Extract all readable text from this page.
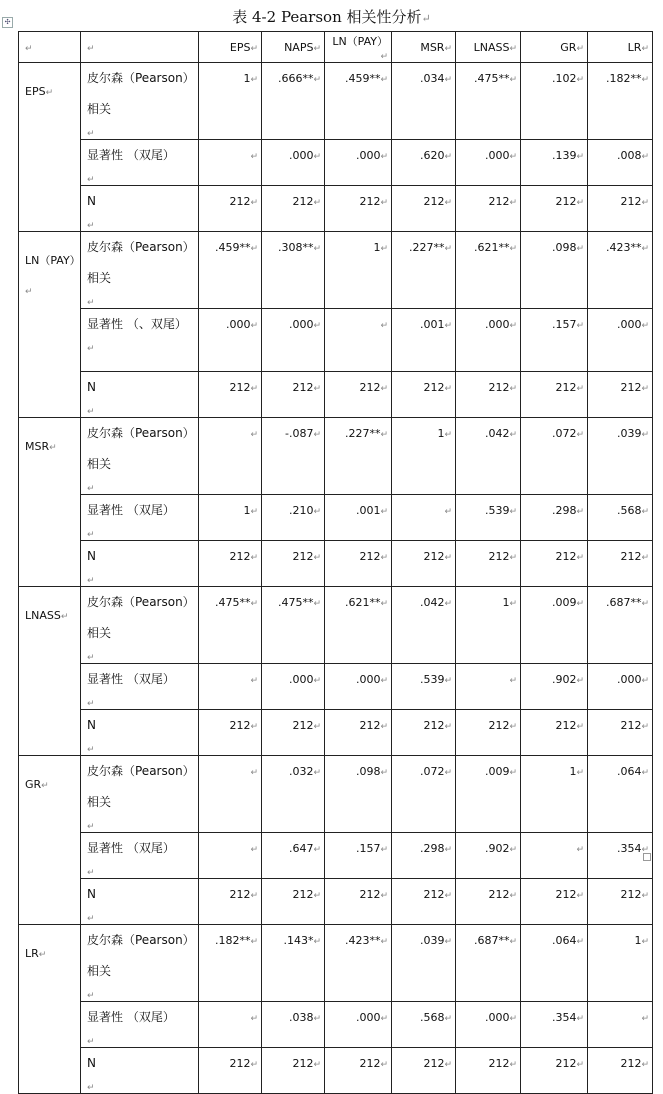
✣	表 4-2 Pearson 相关性分析↵
↵	↵	EPS↵	NAPS↵	LN（PAY）↵	MSR↵	LNASS↵	GR↵	LR↵
EPS↵	皮尔森（Pearson）相关
↵	1↵	.666**↵	.459**↵	.034↵	.475**↵	.102↵	.182**↵

	显著性 （双尾）
↵	↵	.000↵	.000↵	.620↵	.000↵	.139↵	.008↵

	N
↵	212↵	212↵	212↵	212↵	212↵	212↵	212↵

LN（PAY）↵	皮尔森（Pearson）相关
↵	.459**↵	.308**↵	1↵	.227**↵	.621**↵	.098↵	.423**↵

	显著性 （、双尾）
↵	.000↵	.000↵	↵	.001↵	.000↵	.157↵	.000↵

	N
↵	212↵	212↵	212↵	212↵	212↵	212↵	212↵

MSR↵	皮尔森（Pearson）相关
↵	↵	-.087↵	.227**↵	1↵	.042↵	.072↵	.039↵

	显著性 （双尾）
↵	1↵	.210↵	.001↵	↵	.539↵	.298↵	.568↵

	N
↵	212↵	212↵	212↵	212↵	212↵	212↵	212↵

LNASS↵	皮尔森（Pearson）相关
↵	.475**↵	.475**↵	.621**↵	.042↵	1↵	.009↵	.687**↵

	显著性 （双尾）
↵	↵	.000↵	.000↵	.539↵	↵	.902↵	.000↵

	N
↵	212↵	212↵	212↵	212↵	212↵	212↵	212↵

GR↵	皮尔森（Pearson）相关
↵	↵	.032↵	.098↵	.072↵	.009↵	1↵	.064↵

	显著性 （双尾）
↵	↵	.647↵	.157↵	.298↵	.902↵	↵	.354↵

	N
↵	212↵	212↵	212↵	212↵	212↵	212↵	212↵

LR↵	皮尔森（Pearson）相关
↵	.182**↵	.143*↵	.423**↵	.039↵	.687**↵	.064↵	1↵

	显著性 （双尾）
↵	↵	.038↵	.000↵	.568↵	.000↵	.354↵	↵

	N
↵	212↵	212↵	212↵	212↵	212↵	212↵	212↵
